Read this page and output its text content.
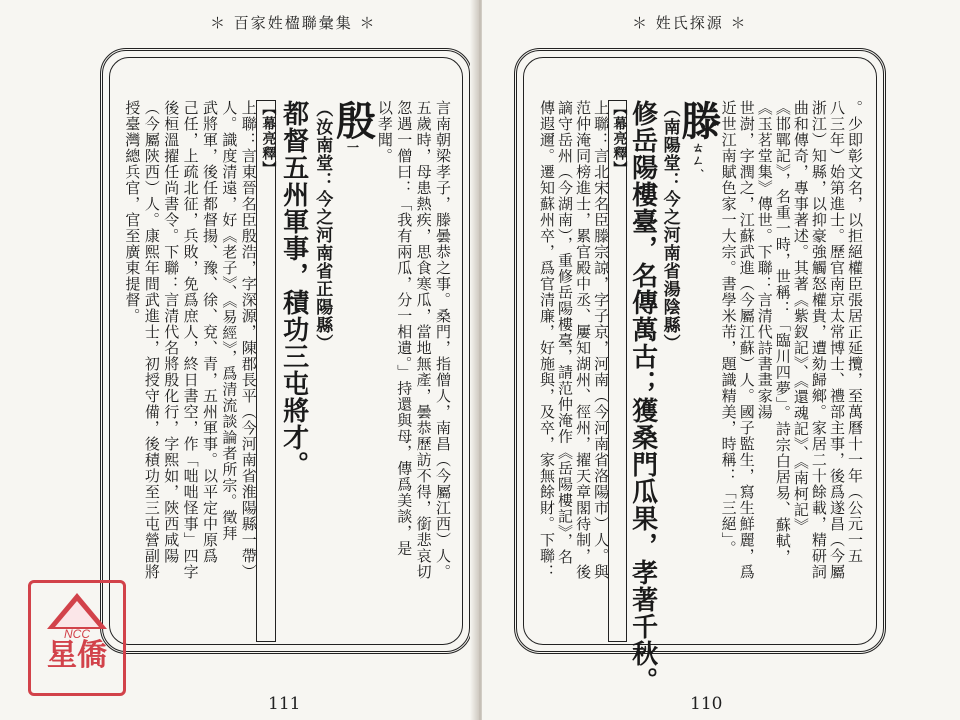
＊ 百家姓楹聯彙集 ＊
言南朝梁孝子，滕曇恭之事。桑門，指僧人，南昌（今屬江西）人。
五歲時，母患熱疾，思食寒瓜，當地無產，曇恭歷訪不得，銜悲哀切
忽遇一僧曰：「我有兩瓜，分一相遺。」持還與母，傳爲美談，是
以孝聞。
殷一
（汝南堂：今之河南省正陽縣）
都督五州軍事，積功三屯將才。
【幕亮釋】
上聯：言東晉名臣殷浩，字深源，陳郡長平（今河南省淮陽縣一帶）
人。識度清遠，好《老子》、《易經》，爲清流談論者所宗。徵拜
武將軍，後任都督揚、豫、徐、兗、青，五州軍事。以平定中原爲
己任，上疏北征，兵敗，免爲庶人，終日書空，作「咄咄怪事」四字
後桓溫擢任尚書令。下聯：言清代名將殷化行，字熙如，陝西咸陽
（今屬陝西）人。康熙年間武進士，初授守備，後積功至三屯營副將
授臺灣總兵官，官至廣東提督。
111
NCC
星僑
＊ 姓氏探源 ＊
。少即彰文名，以拒絕權臣張居正延攬，至萬曆十一年（公元一五
八三年）始第進士。歷官南京太常博士、禮部主事，後爲遂昌（今屬
浙江）知縣，以抑豪強觸怒權貴，遭劾歸鄉。家居二十餘載，精研詞
曲和傳奇，專事著述。其著《紫釵記》、《還魂記》、《南柯記》
《邯鄲記》，名重一時，世稱：「臨川四夢」。詩宗白居易、蘇軾，
《玉茗堂集》傳世。下聯：言清代詩書畫家湯
世澍，字潤之，江蘇武進（今屬江蘇）人。國子監生，寫生鮮麗，爲
近世江南賦色家一大宗。書學米芾，題識精美，時稱：「三絕」。
滕ㄊㄥˊ
（南陽堂：今之河南省湯陰縣）
修岳陽樓臺，名傳萬古；獲桑門瓜果，孝著千秋。
【幕亮釋】
上聯：言北宋名臣滕宗諒，字子京，河南（今河南省洛陽市）人。與
范仲淹同榜進士，累官殿中丞、屢知湖州、徑州，擢天章閣待制，後
謫守岳州（今湖南），重修岳陽樓臺，請范仲淹作《岳陽樓記》，名
傳遐邇。遷知蘇州卒，爲官清廉，好施與，及卒，家無餘財。下聯：
110
